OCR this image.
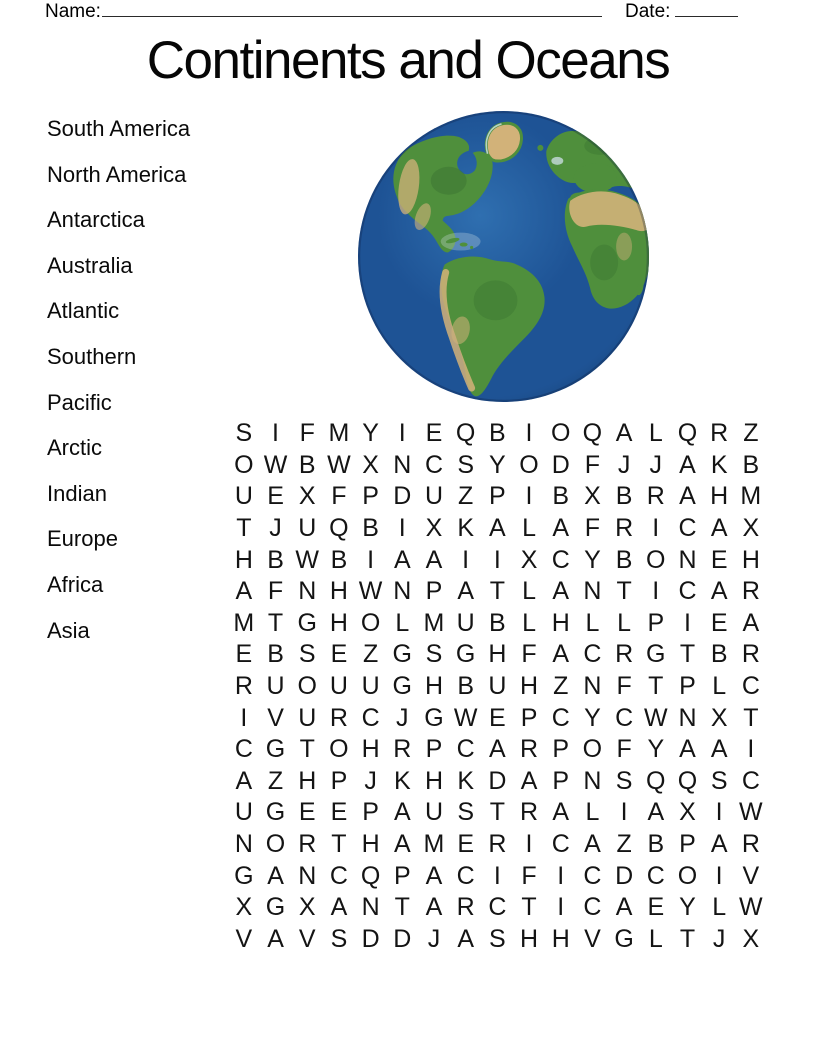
Name:	Date:
Continents and Oceans
South America
North America
Antarctica
Australia
Atlantic
Southern
Pacific
Arctic
Indian
Europe
Africa
Asia
S I F M Y I E Q B I O Q A L Q R Z
O W B W X N C S Y O D F J J A K B
U E X F P D U Z P I B X B R A H M
T J U Q B I X K A L A F R I C A X
H B W B I A A I I X C Y B O N E H
A F N H W N P A T L A N T I C A R
M T G H O L M U B L H L L P I E A
E B S E Z G S G H F A C R G T B R
R U O U U G H B U H Z N F T P L C
I V U R C J G W E P C Y C W N X T
C G T O H R P C A R P O F Y A A I
A Z H P J K H K D A P N S Q Q S C
U G E E P A U S T R A L I A X I W
N O R T H A M E R I C A Z B P A R
G A N C Q P A C I F I C D C O I V
X G X A N T A R C T I C A E Y L W
V A V S D D J A S H H V G L T J X
